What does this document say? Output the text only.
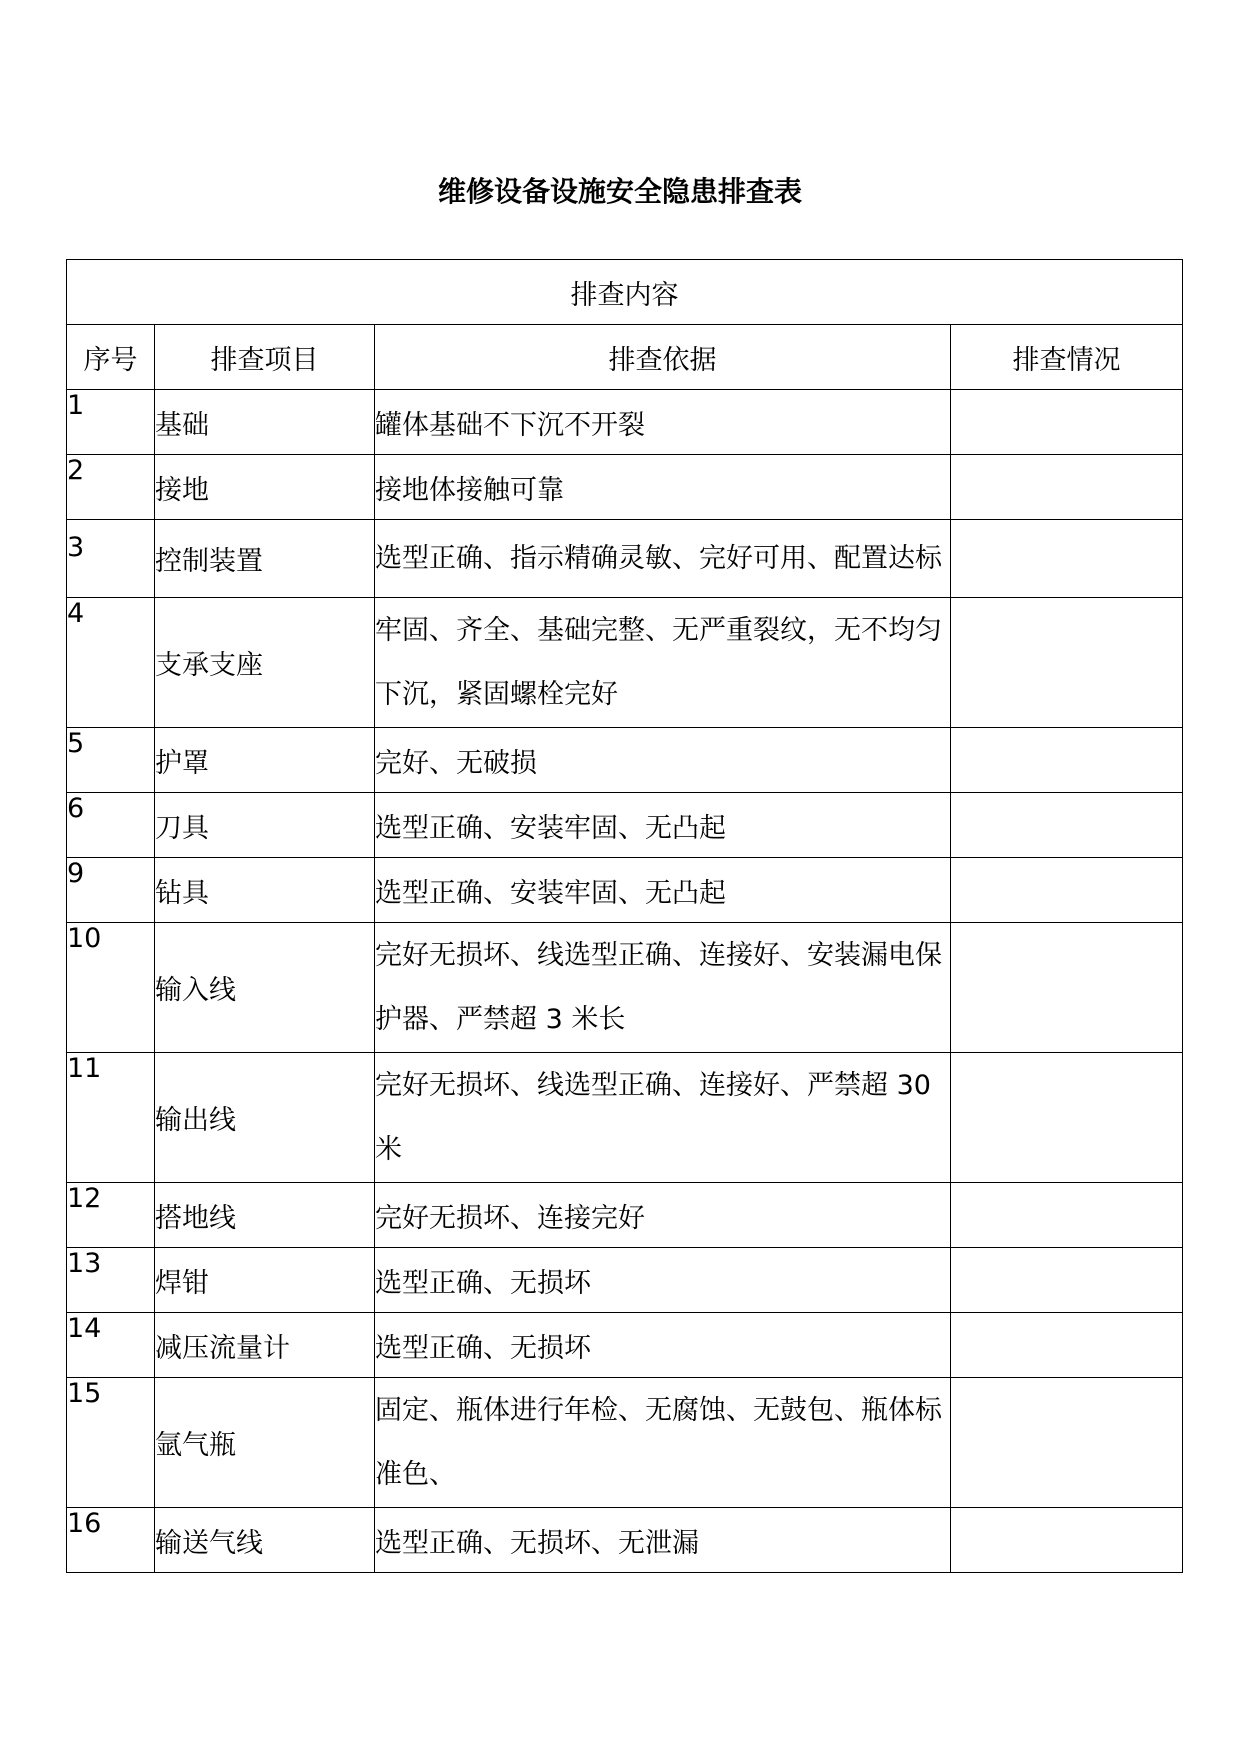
维修设备设施安全隐患排查表
排查内容			
序号	排查项目	排查依据	排查情况
1	基础	罐体基础不下沉不开裂	
2	接地	接地体接触可靠	
3	控制装置	选型正确、指示精确灵敏、完好可用、配置达标	
4	支承支座	牢固、齐全、基础完整、无严重裂纹，无不均匀下沉，紧固螺栓完好	
5	护罩	完好、无破损	
6	刀具	选型正确、安装牢固、无凸起	
9	钻具	选型正确、安装牢固、无凸起	
10	输入线	完好无损坏、线选型正确、连接好、安装漏电保护器、严禁超 3 米长	
11	输出线	完好无损坏、线选型正确、连接好、严禁超 30 米	
12	搭地线	完好无损坏、连接完好	
13	焊钳	选型正确、无损坏	
14	减压流量计	选型正确、无损坏	
15	氩气瓶	固定、瓶体进行年检、无腐蚀、无鼓包、瓶体标准色、	
16	输送气线	选型正确、无损坏、无泄漏	
